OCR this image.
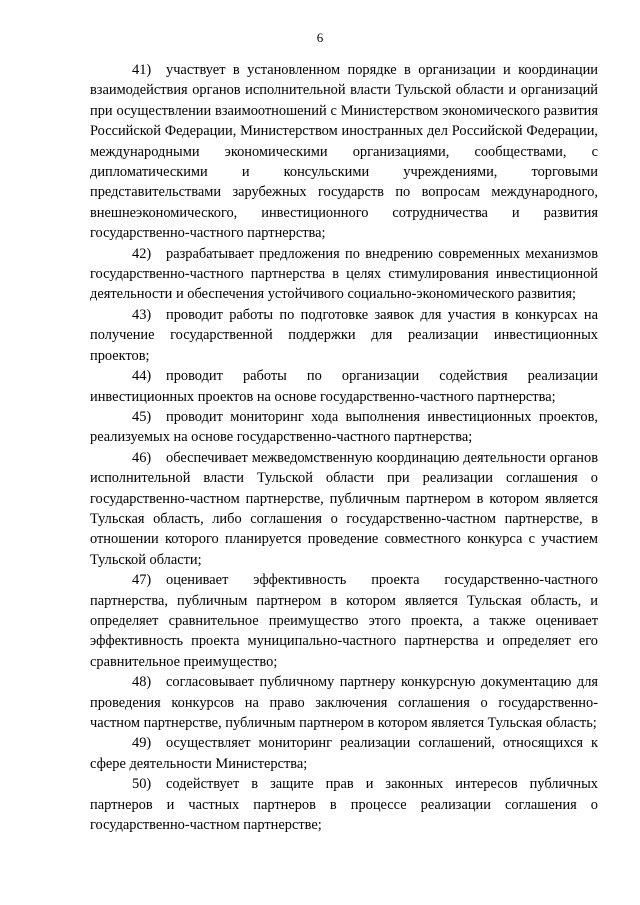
6

41) участвует в установленном порядке в организации и координации взаимодействия органов исполнительной власти Тульской области и организаций при осуществлении взаимоотношений с Министерством экономического развития Российской Федерации, Министерством иностранных дел Российской Федерации, международными экономическими организациями, сообществами, с дипломатическими и консульскими учреждениями, торговыми представительствами зарубежных государств по вопросам международного, внешнеэкономического, инвестиционного сотрудничества и развития государственно-частного партнерства;

42) разрабатывает предложения по внедрению современных механизмов государственно-частного партнерства в целях стимулирования инвестиционной деятельности и обеспечения устойчивого социально-экономического развития;

43) проводит работы по подготовке заявок для участия в конкурсах на получение государственной поддержки для реализации инвестиционных проектов;

44) проводит работы по организации содействия реализации инвестиционных проектов на основе государственно-частного партнерства;

45) проводит мониторинг хода выполнения инвестиционных проектов, реализуемых на основе государственно-частного партнерства;

46) обеспечивает межведомственную координацию деятельности органов исполнительной власти Тульской области при реализации соглашения о государственно-частном партнерстве, публичным партнером в котором является Тульская область, либо соглашения о государственно-частном партнерстве, в отношении которого планируется проведение совместного конкурса с участием Тульской области;

47) оценивает эффективность проекта государственно-частного партнерства, публичным партнером в котором является Тульская область, и определяет сравнительное преимущество этого проекта, а также оценивает эффективность проекта муниципально-частного партнерства и определяет его сравнительное преимущество;

48) согласовывает публичному партнеру конкурсную документацию для проведения конкурсов на право заключения соглашения о государственно-частном партнерстве, публичным партнером в котором является Тульская область;

49) осуществляет мониторинг реализации соглашений, относящихся к сфере деятельности Министерства;

50) содействует в защите прав и законных интересов публичных партнеров и частных партнеров в процессе реализации соглашения о государственно-частном партнерстве;
